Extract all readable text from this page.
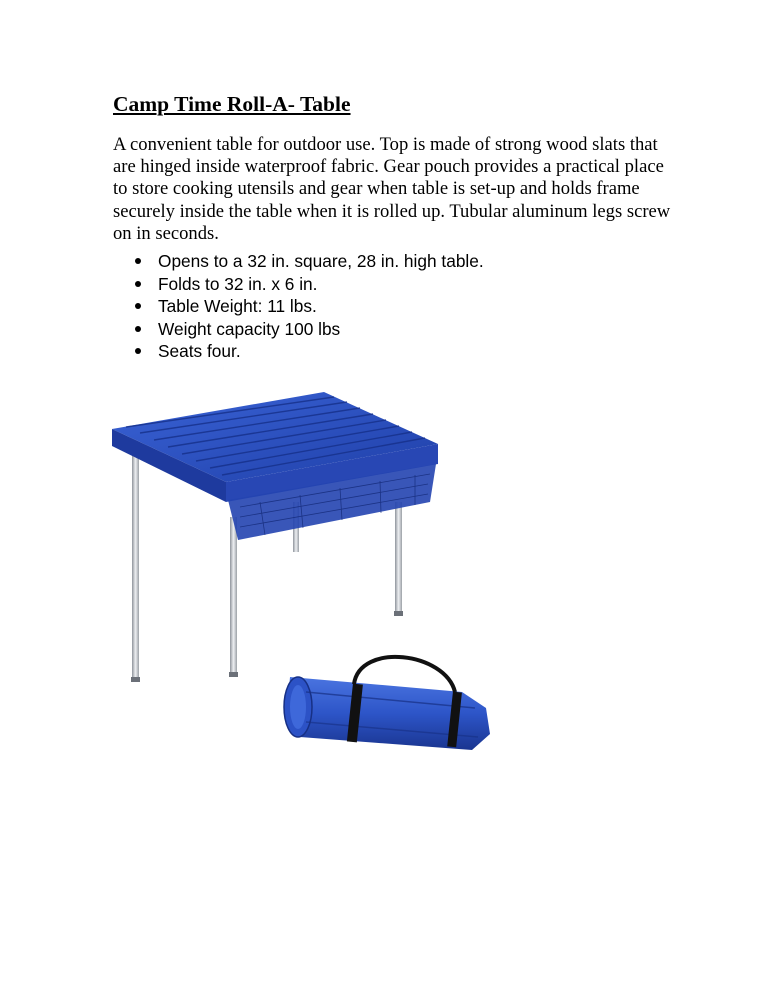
Camp Time Roll-A- Table

A convenient table for outdoor use. Top is made of strong wood slats that are hinged inside waterproof fabric. Gear pouch provides a practical place to store cooking utensils and gear when table is set-up and holds frame securely inside the table when it is rolled up. Tubular aluminum legs screw on in seconds.

Opens to a 32 in. square, 28 in. high table.
Folds to 32 in. x 6 in.
Table Weight: 11 lbs.
Weight capacity 100 lbs
Seats four.
